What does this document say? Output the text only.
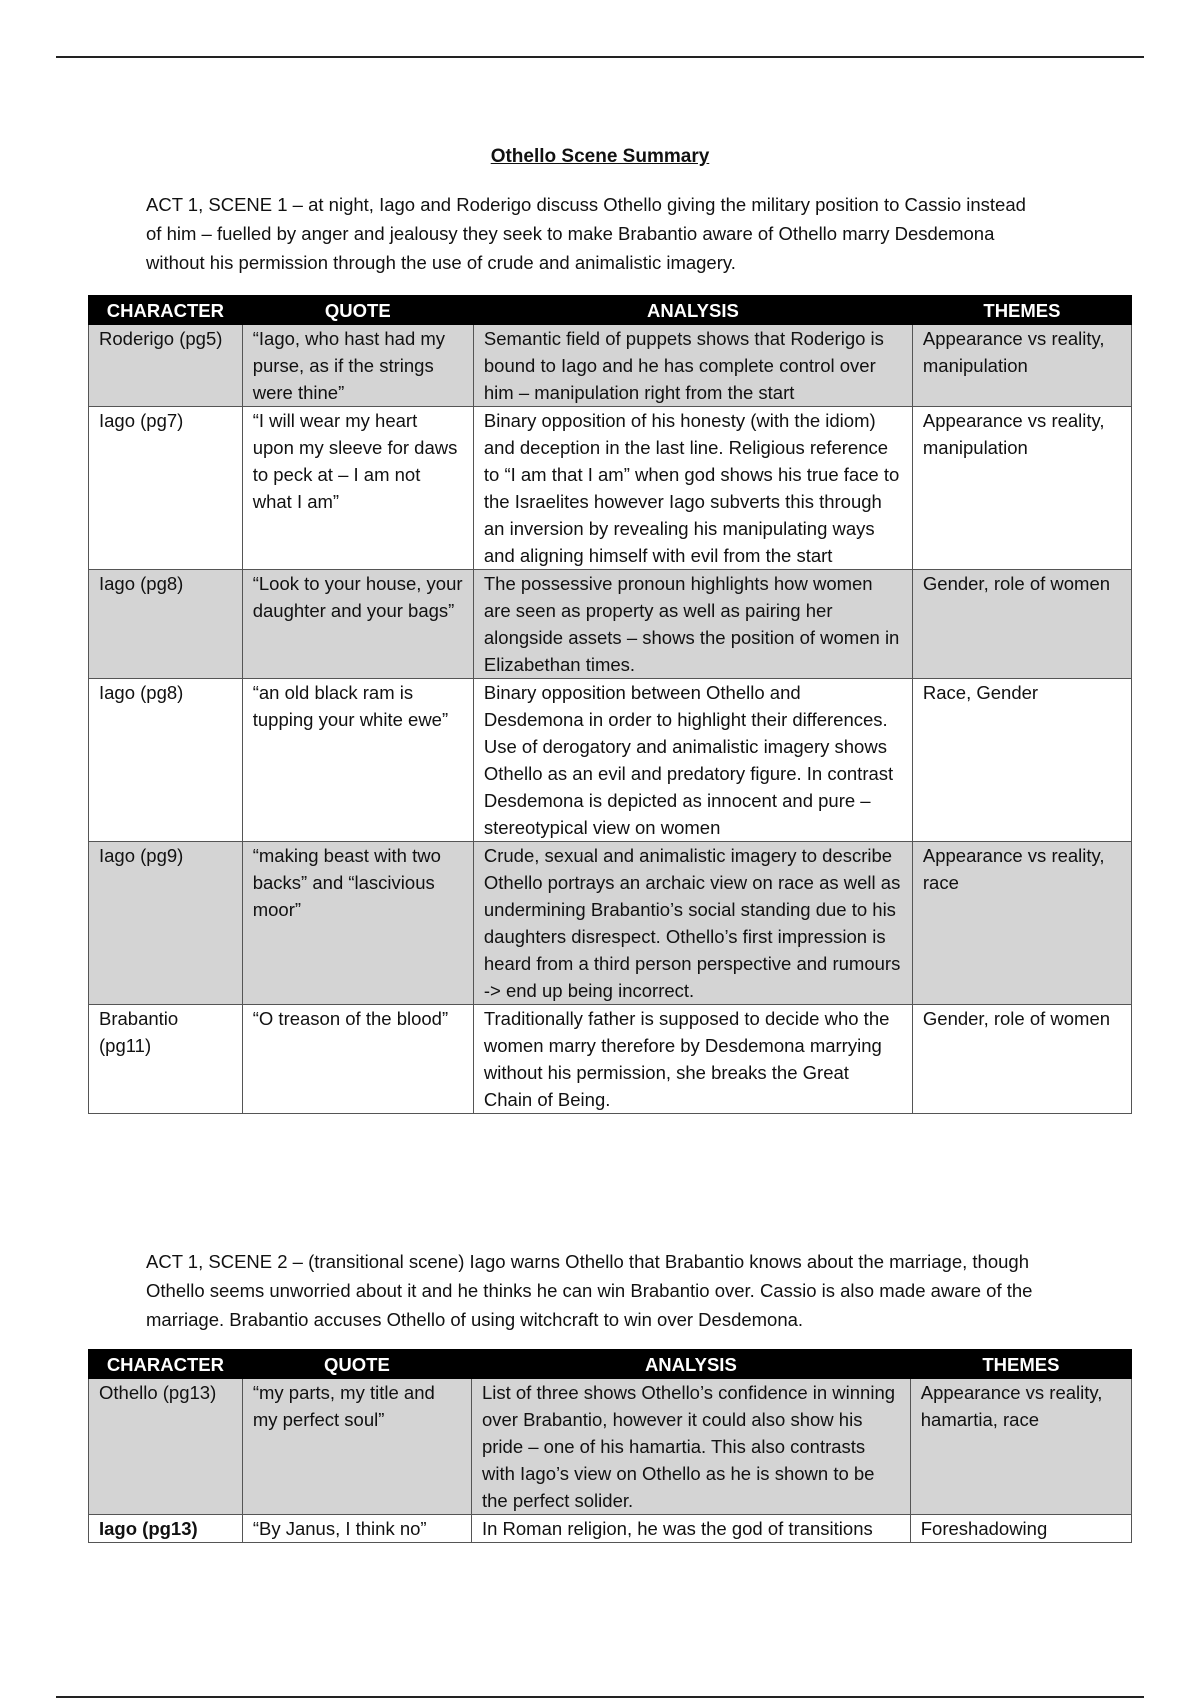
Othello Scene Summary
ACT 1, SCENE 1 – at night, Iago and Roderigo discuss Othello giving the military position to Cassio instead of him – fuelled by anger and jealousy they seek to make Brabantio aware of Othello marry Desdemona without his permission through the use of crude and animalistic imagery.
CHARACTER	QUOTE	ANALYSIS	THEMES
Roderigo (pg5)	“Iago, who hast had my purse, as if the strings were thine”	Semantic field of puppets shows that Roderigo is bound to Iago and he has complete control over him – manipulation right from the start	Appearance vs reality, manipulation
Iago (pg7)	“I will wear my heart upon my sleeve for daws to peck at – I am not what I am”	Binary opposition of his honesty (with the idiom) and deception in the last line. Religious reference to “I am that I am” when god shows his true face to the Israelites however Iago subverts this through an inversion by revealing his manipulating ways and aligning himself with evil from the start	Appearance vs reality, manipulation
Iago (pg8)	“Look to your house, your daughter and your bags”	The possessive pronoun highlights how women are seen as property as well as pairing her alongside assets – shows the position of women in Elizabethan times.	Gender, role of women
Iago (pg8)	“an old black ram is tupping your white ewe”	Binary opposition between Othello and Desdemona in order to highlight their differences. Use of derogatory and animalistic imagery shows Othello as an evil and predatory figure. In contrast Desdemona is depicted as innocent and pure – stereotypical view on women	Race, Gender
Iago (pg9)	“making beast with two backs” and “lascivious moor”	Crude, sexual and animalistic imagery to describe Othello portrays an archaic view on race as well as undermining Brabantio’s social standing due to his daughters disrespect. Othello’s first impression is heard from a third person perspective and rumours -> end up being incorrect.	Appearance vs reality, race
Brabantio (pg11)	“O treason of the blood”	Traditionally father is supposed to decide who the women marry therefore by Desdemona marrying without his permission, she breaks the Great Chain of Being.	Gender, role of women
ACT 1, SCENE 2 – (transitional scene) Iago warns Othello that Brabantio knows about the marriage, though Othello seems unworried about it and he thinks he can win Brabantio over. Cassio is also made aware of the marriage. Brabantio accuses Othello of using witchcraft to win over Desdemona.
CHARACTER	QUOTE	ANALYSIS	THEMES
Othello (pg13)	“my parts, my title and my perfect soul”	List of three shows Othello’s confidence in winning over Brabantio, however it could also show his pride – one of his hamartia. This also contrasts with Iago’s view on Othello as he is shown to be the perfect solider.	Appearance vs reality, hamartia, race
Iago (pg13)	“By Janus, I think no”	In Roman religion, he was the god of transitions	Foreshadowing
